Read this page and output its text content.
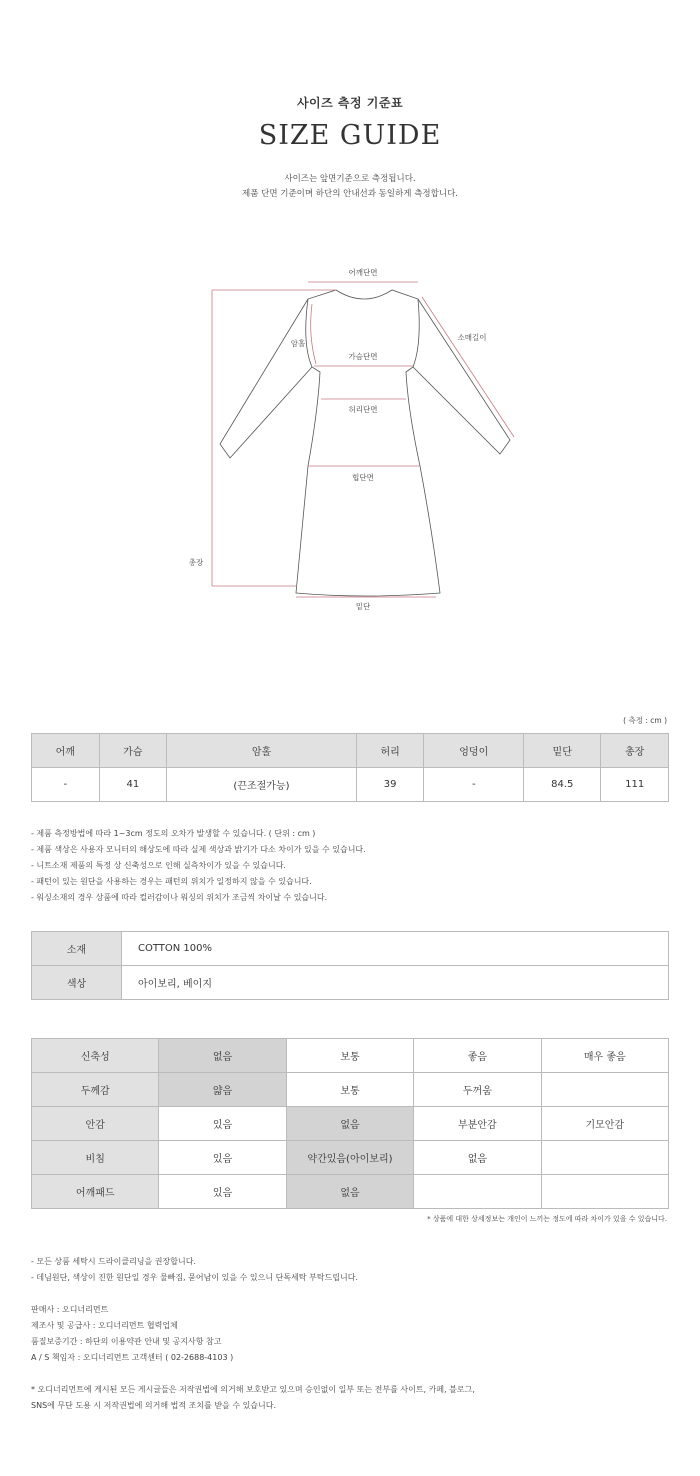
사이즈 측정 기준표
SIZE GUIDE
사이즈는 앞면기준으로 측정됩니다.
제품 단면 기준이며 하단의 안내선과 동일하게 측정합니다.
어깨단면
암홀
가슴단면
소매길이
허리단면
힙단면
총장
밑단
( 측정 : cm )
어깨	가슴	암홀	허리	엉덩이	밑단	총장
-	41	(끈조절가능)	39	-	84.5	111
- 제품 측정방법에 따라 1~3cm 정도의 오차가 발생할 수 있습니다. ( 단위 : cm )
- 제품 색상은 사용자 모니터의 해상도에 따라 실제 색상과 밝기가 다소 차이가 있을 수 있습니다.
- 니트소재 제품의 특정 상 신축성으로 인해 실측차이가 있을 수 있습니다.
- 패턴이 있는 원단을 사용하는 경우는 패턴의 위치가 일정하지 않을 수 있습니다.
- 워싱소재의 경우 상품에 따라 컬러감이나 워싱의 위치가 조금씩 차이날 수 있습니다.
소재	COTTON 100%
색상	아이보리, 베이지
신축성	없음	보통	좋음	매우 좋음
두께감	얇음	보통	두꺼움	
안감	있음	없음	부분안감	기모안감
비침	있음	약간있음(아이보리)	없음	
어깨패드	있음	없음		
* 상품에 대한 상세정보는 개인이 느끼는 정도에 따라 차이가 있을 수 있습니다.
- 모든 상품 세탁시 드라이클리닝을 권장합니다.
- 데님원단, 색상이 진한 원단일 경우 물빠짐, 묻어남이 있을 수 있으니 단독세탁 부탁드립니다.
판매사 : 오디너리먼트
제조사 및 공급사 : 오디너리먼트 협력업체
품질보증기간 : 하단의 이용약관 안내 및 공지사항 참고
A / S 책임자 : 오디너리먼트 고객센터 ( 02-2688-4103 )
* 오디너리먼트에 게시된 모든 게시글들은 저작권법에 의거해 보호받고 있으며 승인없이 일부 또는 전부를 사이트, 카페, 블로그,
SNS에 무단 도용 시 저작권법에 의거해 법적 조치를 받을 수 있습니다.
